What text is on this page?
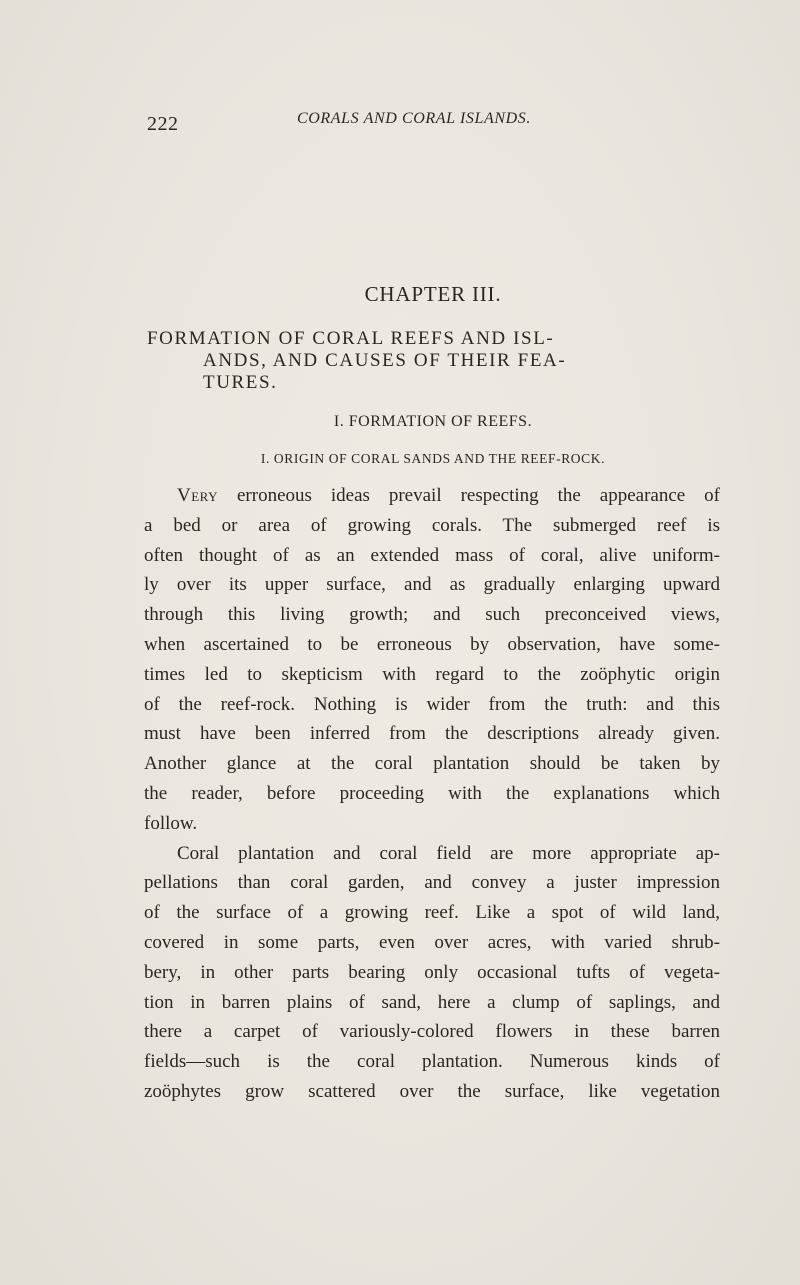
222	CORALS AND CORAL ISLANDS.
CHAPTER III.
FORMATION OF CORAL REEFS AND ISL-
ANDS, AND CAUSES OF THEIR FEA-
TURES.
I. FORMATION OF REEFS.
I. ORIGIN OF CORAL SANDS AND THE REEF-ROCK.
Very erroneous ideas prevail respecting the appearance of
a bed or area of growing corals. The submerged reef is
often thought of as an extended mass of coral, alive uniform-
ly over its upper surface, and as gradually enlarging upward
through this living growth; and such preconceived views,
when ascertained to be erroneous by observation, have some-
times led to skepticism with regard to the zoöphytic origin
of the reef-rock. Nothing is wider from the truth: and this
must have been inferred from the descriptions already given.
Another glance at the coral plantation should be taken by
the reader, before proceeding with the explanations which
follow.
Coral plantation and coral field are more appropriate ap-
pellations than coral garden, and convey a juster impression
of the surface of a growing reef. Like a spot of wild land,
covered in some parts, even over acres, with varied shrub-
bery, in other parts bearing only occasional tufts of vegeta-
tion in barren plains of sand, here a clump of saplings, and
there a carpet of variously-colored flowers in these barren
fields—such is the coral plantation. Numerous kinds of
zoöphytes grow scattered over the surface, like vegetation
